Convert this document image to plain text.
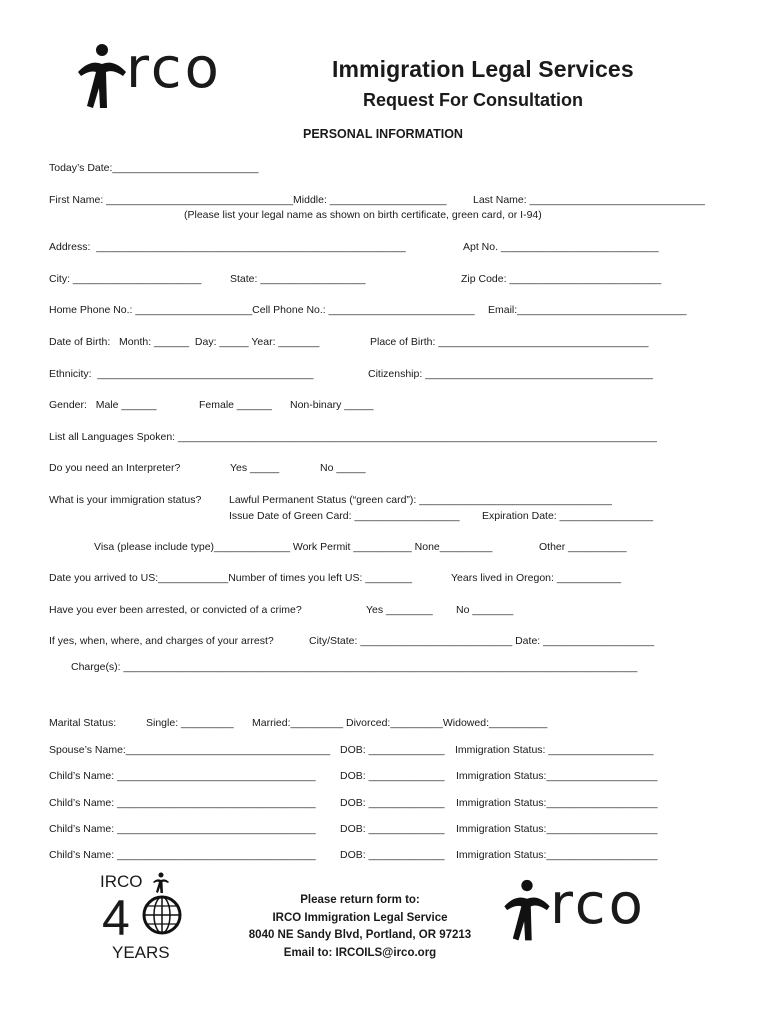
rco	Immigration Legal Services
Request For Consultation
PERSONAL INFORMATION
Today’s Date:_________________________
First Name: ________________________________Middle: ____________________	Last Name: ______________________________
(Please list your legal name as shown on birth certificate, green card, or I-94)
Address:  _____________________________________________________	Apt No. ___________________________
City: ______________________	State: __________________	Zip Code: __________________________
Home Phone No.: ____________________Cell Phone No.: _________________________ Email:_____________________________
Date of Birth:   Month: ______  Day: _____ Year: _______	Place of Birth: ____________________________________
Ethnicity:  _____________________________________	Citizenship: _______________________________________
Gender:   Male ______	Female ______ Non-binary _____
List all Languages Spoken: __________________________________________________________________________________
Do you need an Interpreter?	Yes _____	No _____
What is your immigration status?	Lawful Permanent Status (“green card”): _________________________________
Issue Date of Green Card: __________________ Expiration Date: ________________
Visa (please include type)_____________ Work Permit __________ None_________	Other __________
Date you arrived to US:____________Number of times you left US: ________	Years lived in Oregon: ___________
Have you ever been arrested, or convicted of a crime?	Yes ________ No _______
If yes, when, where, and charges of your arrest?	City/State: __________________________ Date: ___________________
Charge(s): ________________________________________________________________________________________
Marital Status:	Single: _________ Married:_________ Divorced:_________Widowed:__________
Spouse’s Name:___________________________________ DOB: _____________ Immigration Status: __________________
Child’s Name: __________________________________ DOB: _____________ Immigration Status:___________________
Child’s Name: __________________________________ DOB: _____________ Immigration Status:___________________
Child’s Name: __________________________________ DOB: _____________ Immigration Status:___________________
Child’s Name: __________________________________ DOB: _____________ Immigration Status:___________________

IRCO

4

YEARS

Please return form to:
IRCO Immigration Legal Service
8040 NE Sandy Blvd, Portland, OR 97213
Email to: IRCOILS@irco.org

rco
